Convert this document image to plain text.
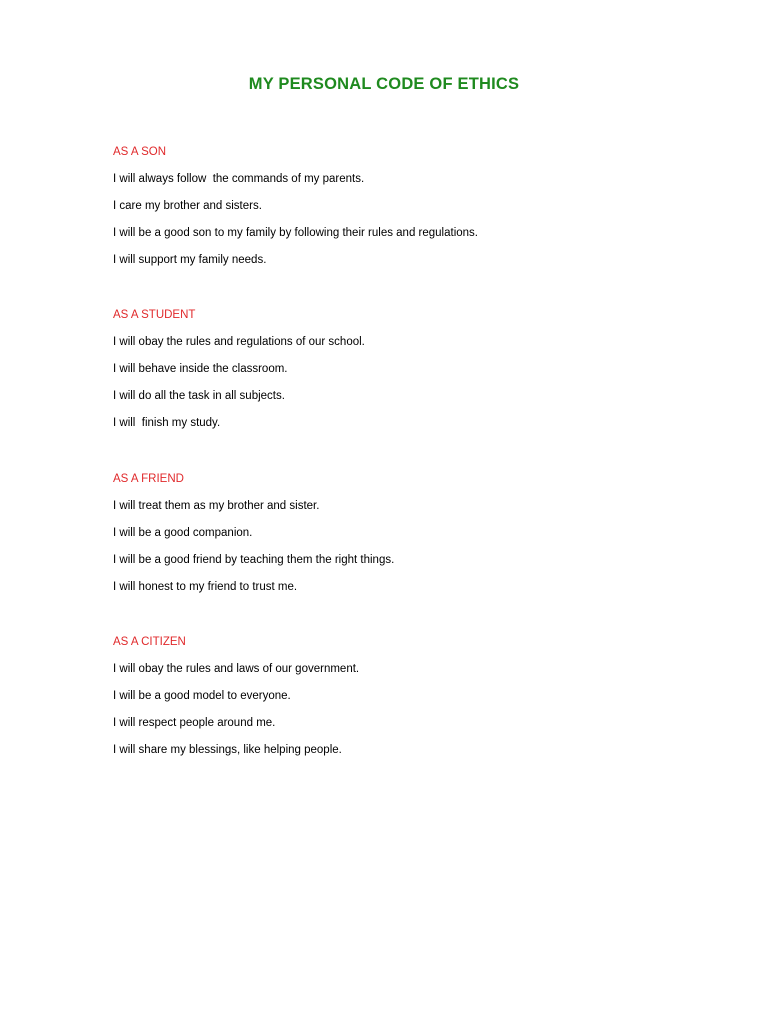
MY PERSONAL CODE OF ETHICS
AS A SON
I will always follow  the commands of my parents.
I care my brother and sisters.
I will be a good son to my family by following their rules and regulations.
I will support my family needs.
AS A STUDENT
I will obay the rules and regulations of our school.
I will behave inside the classroom.
I will do all the task in all subjects.
I will  finish my study.
AS A FRIEND
I will treat them as my brother and sister.
I will be a good companion.
I will be a good friend by teaching them the right things.
I will honest to my friend to trust me.
AS A CITIZEN
I will obay the rules and laws of our government.
I will be a good model to everyone.
I will respect people around me.
I will share my blessings, like helping people.
